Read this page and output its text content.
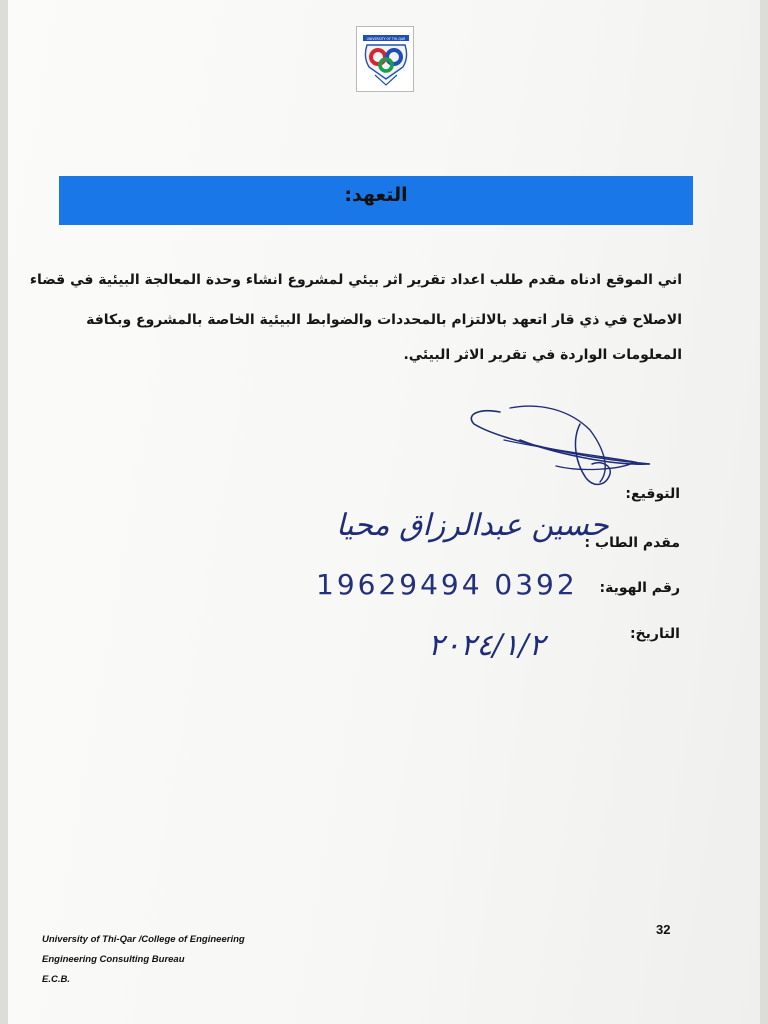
UNIVERSITY OF THI-QAR
التعهد:
اني الموقع ادناه مقدم طلب اعداد تقرير اثر بيئي لمشروع انشاء وحدة المعالجة البيئية في قضاء
الاصلاح في ذي قار اتعهد بالالتزام بالمحددات والضوابط البيئية الخاصة بالمشروع وبكافة
المعلومات الواردة في تقرير الاثر البيئي.
التوقيع:
مقدم الطاب :
حسين عبدالرزاق محيا
رقم الهوية:
19629494 0392
التاريخ:
٢٠٢٤/١/٢
32
University of Thi-Qar /College of Engineering
Engineering Consulting Bureau
E.C.B.
